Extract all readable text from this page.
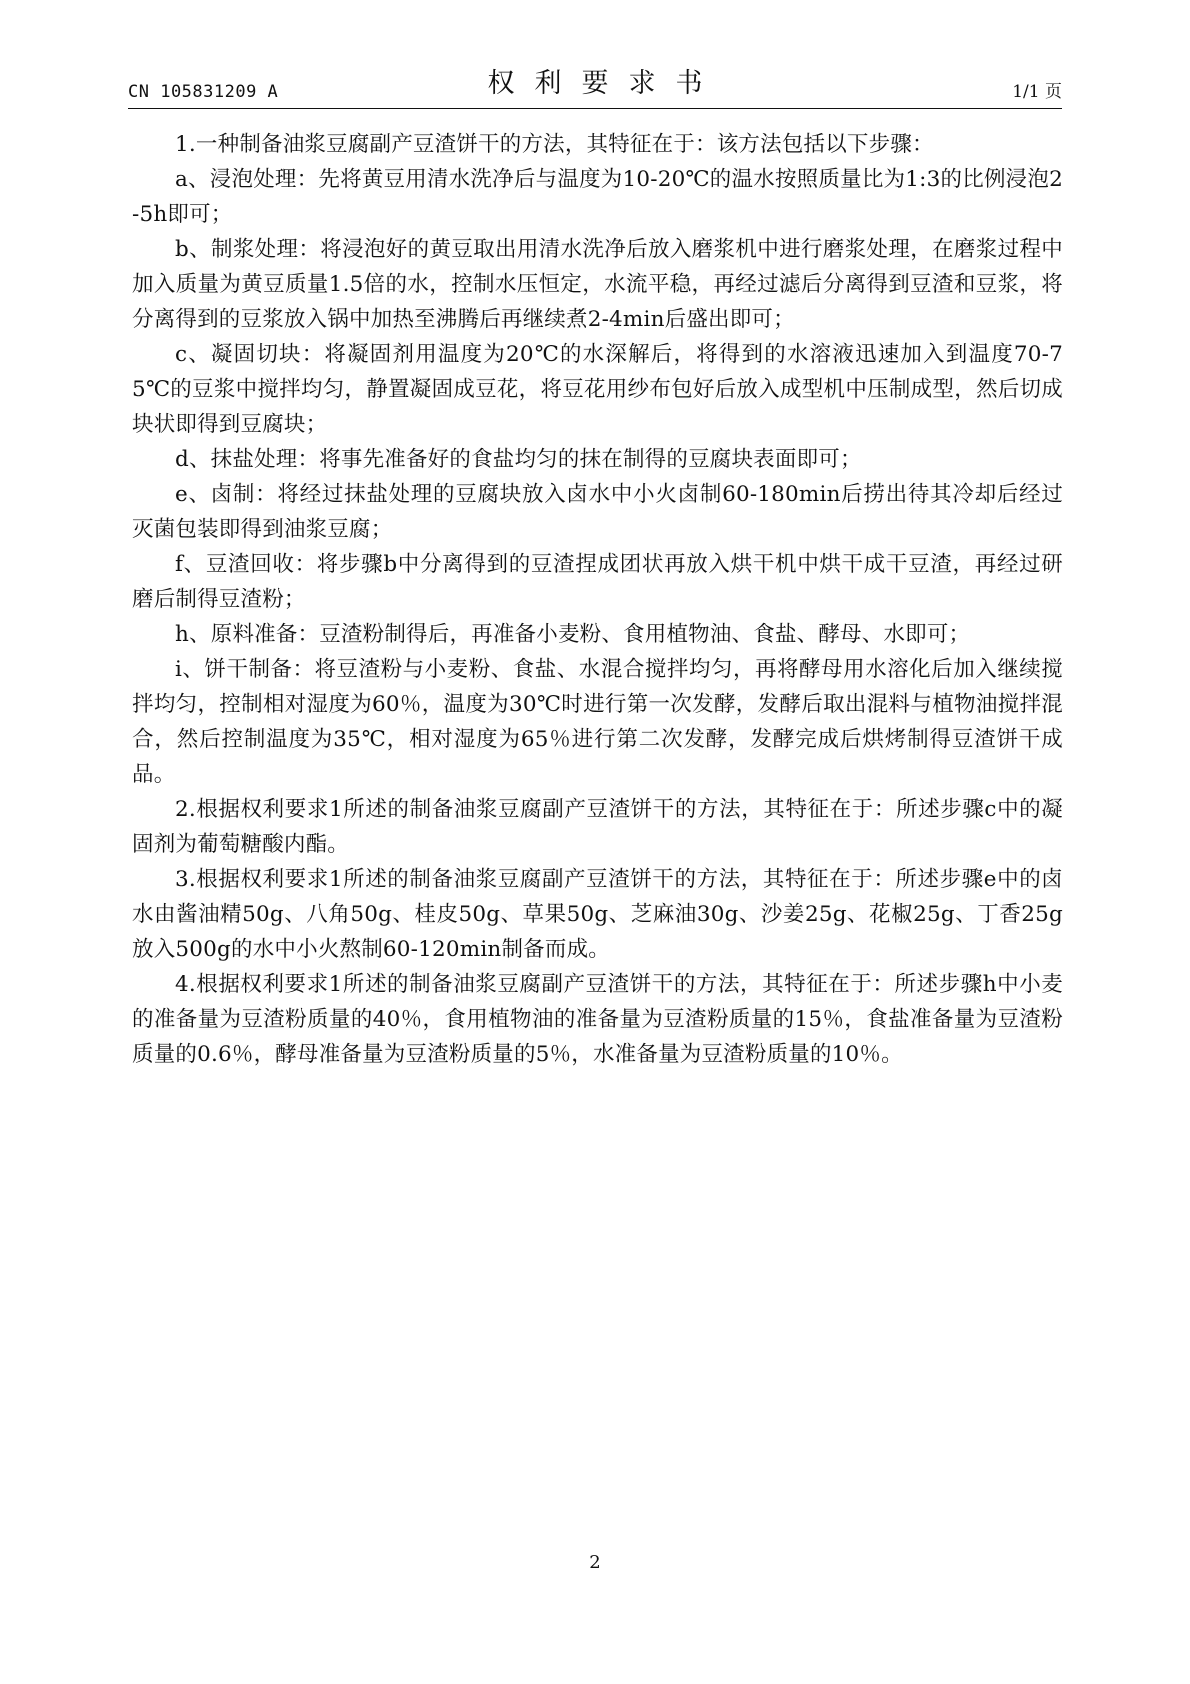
CN 105831209 A	权利要求书	1/1 页

1.一种制备油浆豆腐副产豆渣饼干的方法，其特征在于：该方法包括以下步骤：

a、浸泡处理：先将黄豆用清水洗净后与温度为10-20℃的温水按照质量比为1:3的比例浸泡2-5h即可；

b、制浆处理：将浸泡好的黄豆取出用清水洗净后放入磨浆机中进行磨浆处理，在磨浆过程中加入质量为黄豆质量1.5倍的水，控制水压恒定，水流平稳，再经过滤后分离得到豆渣和豆浆，将分离得到的豆浆放入锅中加热至沸腾后再继续煮2-4min后盛出即可；

c、凝固切块：将凝固剂用温度为20℃的水深解后，将得到的水溶液迅速加入到温度70-75℃的豆浆中搅拌均匀，静置凝固成豆花，将豆花用纱布包好后放入成型机中压制成型，然后切成块状即得到豆腐块；

d、抹盐处理：将事先准备好的食盐均匀的抹在制得的豆腐块表面即可；

e、卤制：将经过抹盐处理的豆腐块放入卤水中小火卤制60-180min后捞出待其冷却后经过灭菌包装即得到油浆豆腐；

f、豆渣回收：将步骤b中分离得到的豆渣捏成团状再放入烘干机中烘干成干豆渣，再经过研磨后制得豆渣粉；

h、原料准备：豆渣粉制得后，再准备小麦粉、食用植物油、食盐、酵母、水即可；

i、饼干制备：将豆渣粉与小麦粉、食盐、水混合搅拌均匀，再将酵母用水溶化后加入继续搅拌均匀，控制相对湿度为60％，温度为30℃时进行第一次发酵，发酵后取出混料与植物油搅拌混合，然后控制温度为35℃，相对湿度为65％进行第二次发酵，发酵完成后烘烤制得豆渣饼干成品。

2.根据权利要求1所述的制备油浆豆腐副产豆渣饼干的方法，其特征在于：所述步骤c中的凝固剂为葡萄糖酸内酯。

3.根据权利要求1所述的制备油浆豆腐副产豆渣饼干的方法，其特征在于：所述步骤e中的卤水由酱油精50g、八角50g、桂皮50g、草果50g、芝麻油30g、沙姜25g、花椒25g、丁香25g放入500g的水中小火熬制60-120min制备而成。

4.根据权利要求1所述的制备油浆豆腐副产豆渣饼干的方法，其特征在于：所述步骤h中小麦的准备量为豆渣粉质量的40％，食用植物油的准备量为豆渣粉质量的15％，食盐准备量为豆渣粉质量的0.6％，酵母准备量为豆渣粉质量的5％，水准备量为豆渣粉质量的10％。

2
